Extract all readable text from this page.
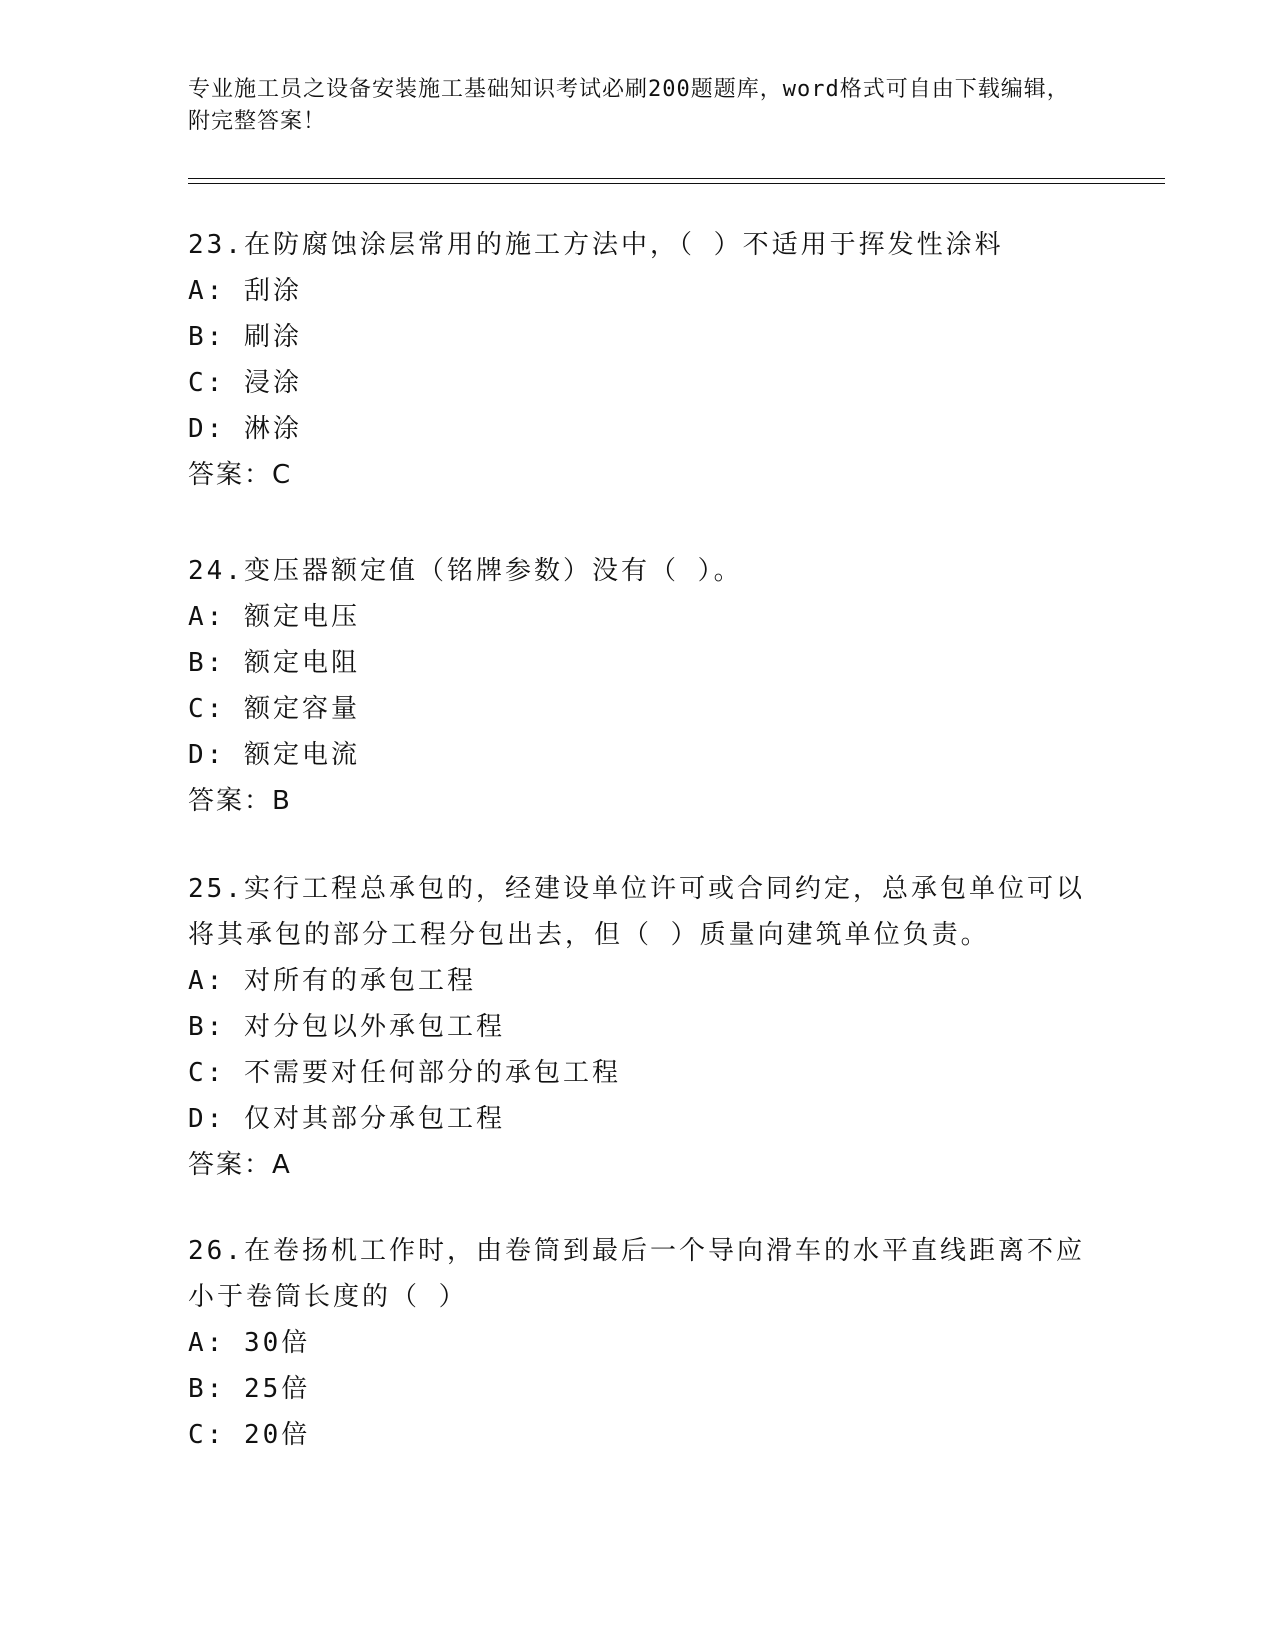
专业施工员之设备安装施工基础知识考试必刷200题题库，word格式可自由下载编辑，附完整答案！

23.在防腐蚀涂层常用的施工方法中，（ ）不适用于挥发性涂料

A: 刮涂

B: 刷涂

C: 浸涂

D: 淋涂

答案：C

24.变压器额定值（铭牌参数）没有（ ）。

A: 额定电压

B: 额定电阻

C: 额定容量

D: 额定电流

答案：B

25.实行工程总承包的，经建设单位许可或合同约定，总承包单位可以将其承包的部分工程分包出去，但（ ）质量向建筑单位负责。

A: 对所有的承包工程

B: 对分包以外承包工程

C: 不需要对任何部分的承包工程

D: 仅对其部分承包工程

答案：A

26.在卷扬机工作时，由卷筒到最后一个导向滑车的水平直线距离不应小于卷筒长度的（ ）

A: 30倍

B: 25倍

C: 20倍
